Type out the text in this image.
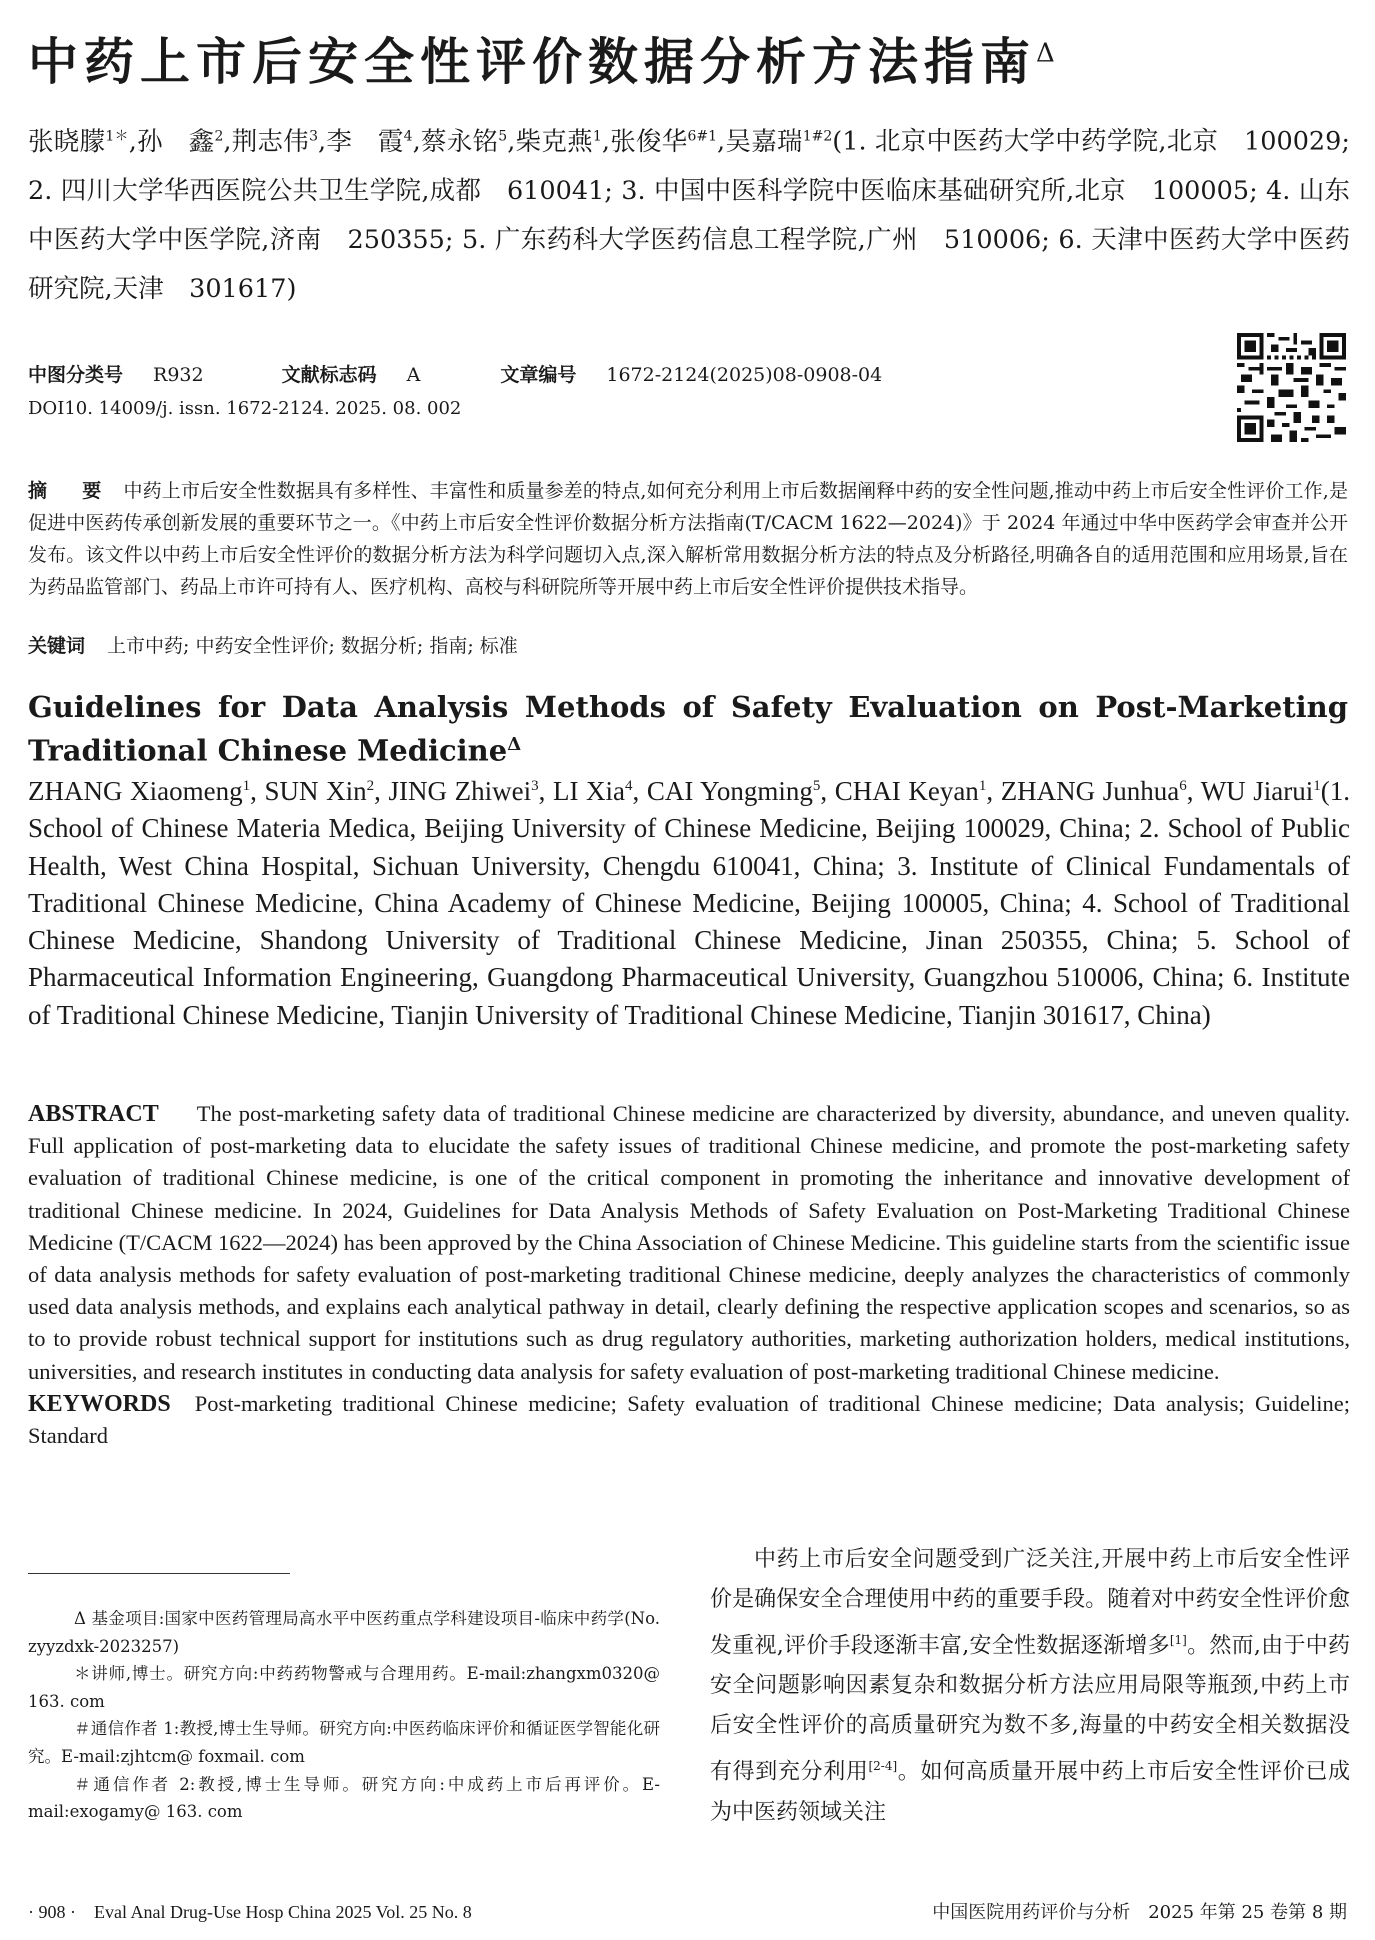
中药上市后安全性评价数据分析方法指南$^\Delta$
张晓朦$^{1*}$,孙　鑫$^2$,荆志伟$^3$,李　霞$^4$,蔡永铭$^5$,柴克燕$^1$,张俊华$^{6\#1}$,吴嘉瑞$^{1\#2}$(1. 北京中医药大学中药学院,北京　100029; 2. 四川大学华西医院公共卫生学院,成都　610041; 3. 中国中医科学院中医临床基础研究所,北京　100005; 4. 山东中医药大学中医学院,济南　250355; 5. 广东药科大学医药信息工程学院,广州　510006; 6. 天津中医药大学中医药研究院,天津　301617)
中图分类号 R932	文献标志码 A	文章编号 1672-2124(2025)08-0908-04
DOI10. 14009/j. issn. 1672-2124. 2025. 08. 002
摘　要 中药上市后安全性数据具有多样性、丰富性和质量参差的特点,如何充分利用上市后数据阐释中药的安全性问题,推动中药上市后安全性评价工作,是促进中医药传承创新发展的重要环节之一。《中药上市后安全性评价数据分析方法指南(T/CACM 1622—2024)》于 2024 年通过中华中医药学会审查并公开发布。该文件以中药上市后安全性评价的数据分析方法为科学问题切入点,深入解析常用数据分析方法的特点及分析路径,明确各自的适用范围和应用场景,旨在为药品监管部门、药品上市许可持有人、医疗机构、高校与科研院所等开展中药上市后安全性评价提供技术指导。
关键词 上市中药; 中药安全性评价; 数据分析; 指南; 标准
Guidelines for Data Analysis Methods of Safety Evaluation on Post-Marketing Traditional Chinese Medicine$^\Delta$
ZHANG Xiaomeng$^1$, SUN Xin$^2$, JING Zhiwei$^3$, LI Xia$^4$, CAI Yongming$^5$, CHAI Keyan$^1$, ZHANG Junhua$^6$, WU Jiarui$^1$(1. School of Chinese Materia Medica, Beijing University of Chinese Medicine, Beijing 100029, China; 2. School of Public Health, West China Hospital, Sichuan University, Chengdu 610041, China; 3. Institute of Clinical Fundamentals of Traditional Chinese Medicine, China Academy of Chinese Medicine, Beijing 100005, China; 4. School of Traditional Chinese Medicine, Shandong University of Traditional Chinese Medicine, Jinan 250355, China; 5. School of Pharmaceutical Information Engineering, Guangdong Pharmaceutical University, Guangzhou 510006, China; 6. Institute of Traditional Chinese Medicine, Tianjin University of Traditional Chinese Medicine, Tianjin 301617, China)
ABSTRACT The post-marketing safety data of traditional Chinese medicine are characterized by diversity, abundance, and uneven quality. Full application of post-marketing data to elucidate the safety issues of traditional Chinese medicine, and promote the post-marketing safety evaluation of traditional Chinese medicine, is one of the critical component in promoting the inheritance and innovative development of traditional Chinese medicine. In 2024, Guidelines for Data Analysis Methods of Safety Evaluation on Post-Marketing Traditional Chinese Medicine (T/CACM 1622—2024) has been approved by the China Association of Chinese Medicine. This guideline starts from the scientific issue of data analysis methods for safety evaluation of post-marketing traditional Chinese medicine, deeply analyzes the characteristics of commonly used data analysis methods, and explains each analytical pathway in detail, clearly defining the respective application scopes and scenarios, so as to to provide robust technical support for institutions such as drug regulatory authorities, marketing authorization holders, medical institutions, universities, and research institutes in conducting data analysis for safety evaluation of post-marketing traditional Chinese medicine.
KEYWORDS Post-marketing traditional Chinese medicine; Safety evaluation of traditional Chinese medicine; Data analysis; Guideline; Standard

Δ 基金项目:国家中医药管理局高水平中医药重点学科建设项目-临床中药学(No. zyyzdxk-2023257)

＊讲师,博士。研究方向:中药药物警戒与合理用药。E-mail:zhangxm0320@ 163. com

＃通信作者 1:教授,博士生导师。研究方向:中医药临床评价和循证医学智能化研究。E-mail:zjhtcm@ foxmail. com

＃通信作者 2:教授,博士生导师。研究方向:中成药上市后再评价。E-mail:exogamy@ 163. com

中药上市后安全问题受到广泛关注,开展中药上市后安全性评价是确保安全合理使用中药的重要手段。随着对中药安全性评价愈发重视,评价手段逐渐丰富,安全性数据逐渐增多[1]。然而,由于中药安全问题影响因素复杂和数据分析方法应用局限等瓶颈,中药上市后安全性评价的高质量研究为数不多,海量的中药安全相关数据没有得到充分利用[2-4]。如何高质量开展中药上市后安全性评价已成为中医药领域关注

· 908 ·　Eval Anal Drug-Use Hosp China 2025 Vol. 25 No. 8	中国医院用药评价与分析　2025 年第 25 卷第 8 期
